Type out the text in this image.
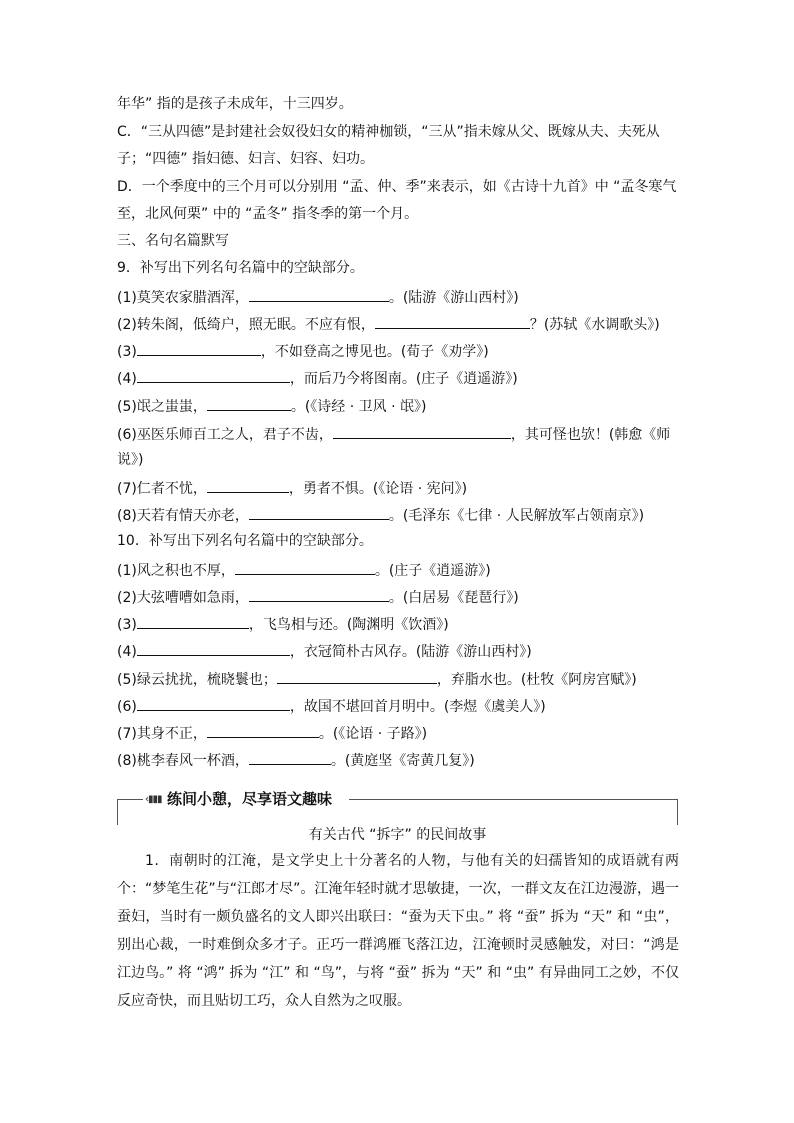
年华” 指的是孩子未成年，十三四岁。
C．“三从四德”是封建社会奴役妇女的精神枷锁，“三从”指未嫁从父、既嫁从夫、夫死从
子；“四德” 指妇德、妇言、妇容、妇功。
D．一个季度中的三个月可以分别用 “孟、仲、季”来表示，如《古诗十九首》中 “孟冬寒气
至，北风何栗” 中的 “孟冬” 指冬季的第一个月。
三、名句名篇默写
9．补写出下列名句名篇中的空缺部分。
(1)莫笑农家腊酒浑，	。(陆游《游山西村》)
(2)转朱阁，低绮户，照无眠。不应有恨，	？(苏轼《水调歌头》)
(3)	，不如登高之博见也。(荀子《劝学》)
(4)	，而后乃今将图南。(庄子《逍遥游》)
(5)氓之蚩蚩，	。(《诗经 · 卫风 · 氓》)
(6)巫医乐师百工之人，君子不齿，	，其可怪也欤！(韩愈《师
说》)
(7)仁者不忧，	，勇者不惧。(《论语 · 宪问》)
(8)天若有情天亦老，	。(毛泽东《七律 · 人民解放军占领南京》)
10．补写出下列名句名篇中的空缺部分。
(1)风之积也不厚，	。(庄子《逍遥游》)
(2)大弦嘈嘈如急雨，	。(白居易《琵琶行》)
(3)	，飞鸟相与还。(陶渊明《饮酒》)
(4)	，衣冠简朴古风存。(陆游《游山西村》)
(5)绿云扰扰，梳晓鬟也；	，弃脂水也。(杜牧《阿房宫赋》)
(6)	，故国不堪回首月明中。(李煜《虞美人》)
(7)其身不正，	。(《论语 · 子路》)
(8)桃李春风一杯酒，	。(黄庭坚《寄黄几复》)
‹▮▮▮ 练间小憩，尽享语文趣味
有关古代 “拆字” 的民间故事
1．南朝时的江淹，是文学史上十分著名的人物，与他有关的妇孺皆知的成语就有两个：“梦笔生花”与“江郎才尽”。江淹年轻时就才思敏捷，一次，一群文友在江边漫游，遇一蚕妇，当时有一颇负盛名的文人即兴出联曰：“蚕为天下虫。” 将 “蚕” 拆为 “天” 和 “虫”，别出心裁，一时难倒众多才子。正巧一群鸿雁飞落江边，江淹顿时灵感触发，对曰：“鸿是江边鸟。” 将 “鸿” 拆为 “江” 和 “鸟”，与将 “蚕” 拆为 “天” 和 “虫” 有异曲同工之妙，不仅反应奇快，而且贴切工巧，众人自然为之叹服。
